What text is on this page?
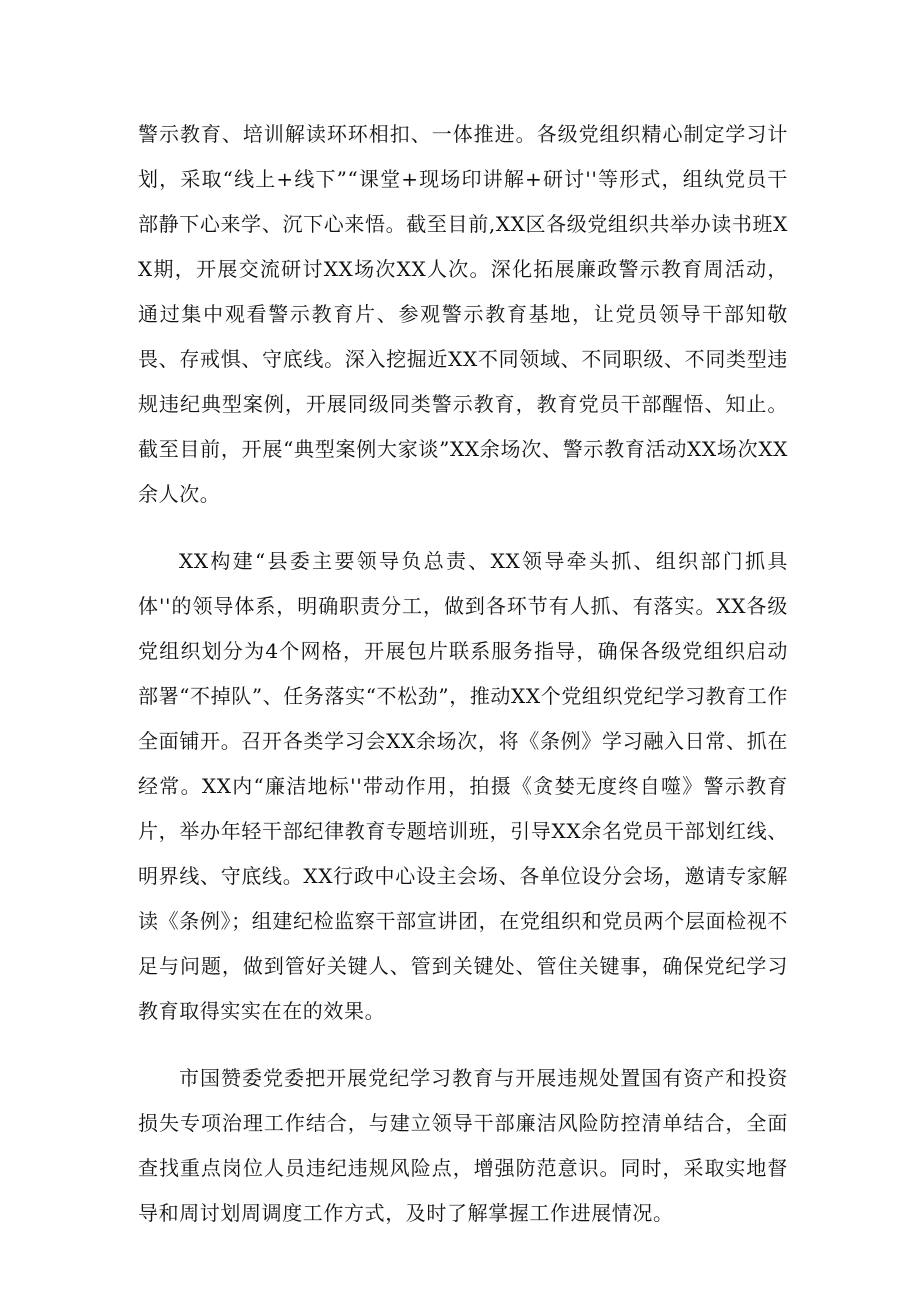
警示教育、培训解读环环相扣、一体推进。各级党组织精心制定学习计划，采取“线上+线下”“课堂+现场印讲解+研讨''等形式，组纨党员干部静下心来学、沉下心来悟。截至目前,XX区各级党组织共举办读书班XX期，开展交流研讨XX场次XX人次。深化拓展廉政警示教育周活动，通过集中观看警示教育片、参观警示教育基地，让党员领导干部知敬畏、存戒惧、守底线。深入挖掘近XX不同领域、不同职级、不同类型违规违纪典型案例，开展同级同类警示教育，教育党员干部醒悟、知止。截至目前，开展“典型案例大家谈”XX余场次、警示教育活动XX场次XX余人次。

XX构建“县委主要领导负总责、XX领导牵头抓、组织部门抓具体''的领导体系，明确职责分工，做到各环节有人抓、有落实。XX各级党组织划分为4个网格，开展包片联系服务指导，确保各级党组织启动部署“不掉队”、任务落实“不松劲”，推动XX个党组织党纪学习教育工作全面铺开。召开各类学习会XX余场次，将《条例》学习融入日常、抓在经常。XX内“廉洁地标''带动作用，拍摄《贪婪无度终自噬》警示教育片，举办年轻干部纪律教育专题培训班，引导XX余名党员干部划红线、明界线、守底线。XX行政中心设主会场、各单位设分会场，邀请专家解读《条例》；组建纪检监察干部宣讲团，在党组织和党员两个层面检视不足与问题，做到管好关键人、管到关键处、管住关键事，确保党纪学习教育取得实实在在的效果。

市国赞委党委把开展党纪学习教育与开展违规处置国有资产和投资损失专项治理工作结合，与建立领导干部廉洁风险防控清单结合，全面查找重点岗位人员违纪违规风险点，增强防范意识。同时，采取实地督导和周讨划周调度工作方式，及时了解掌握工作进展情况。
